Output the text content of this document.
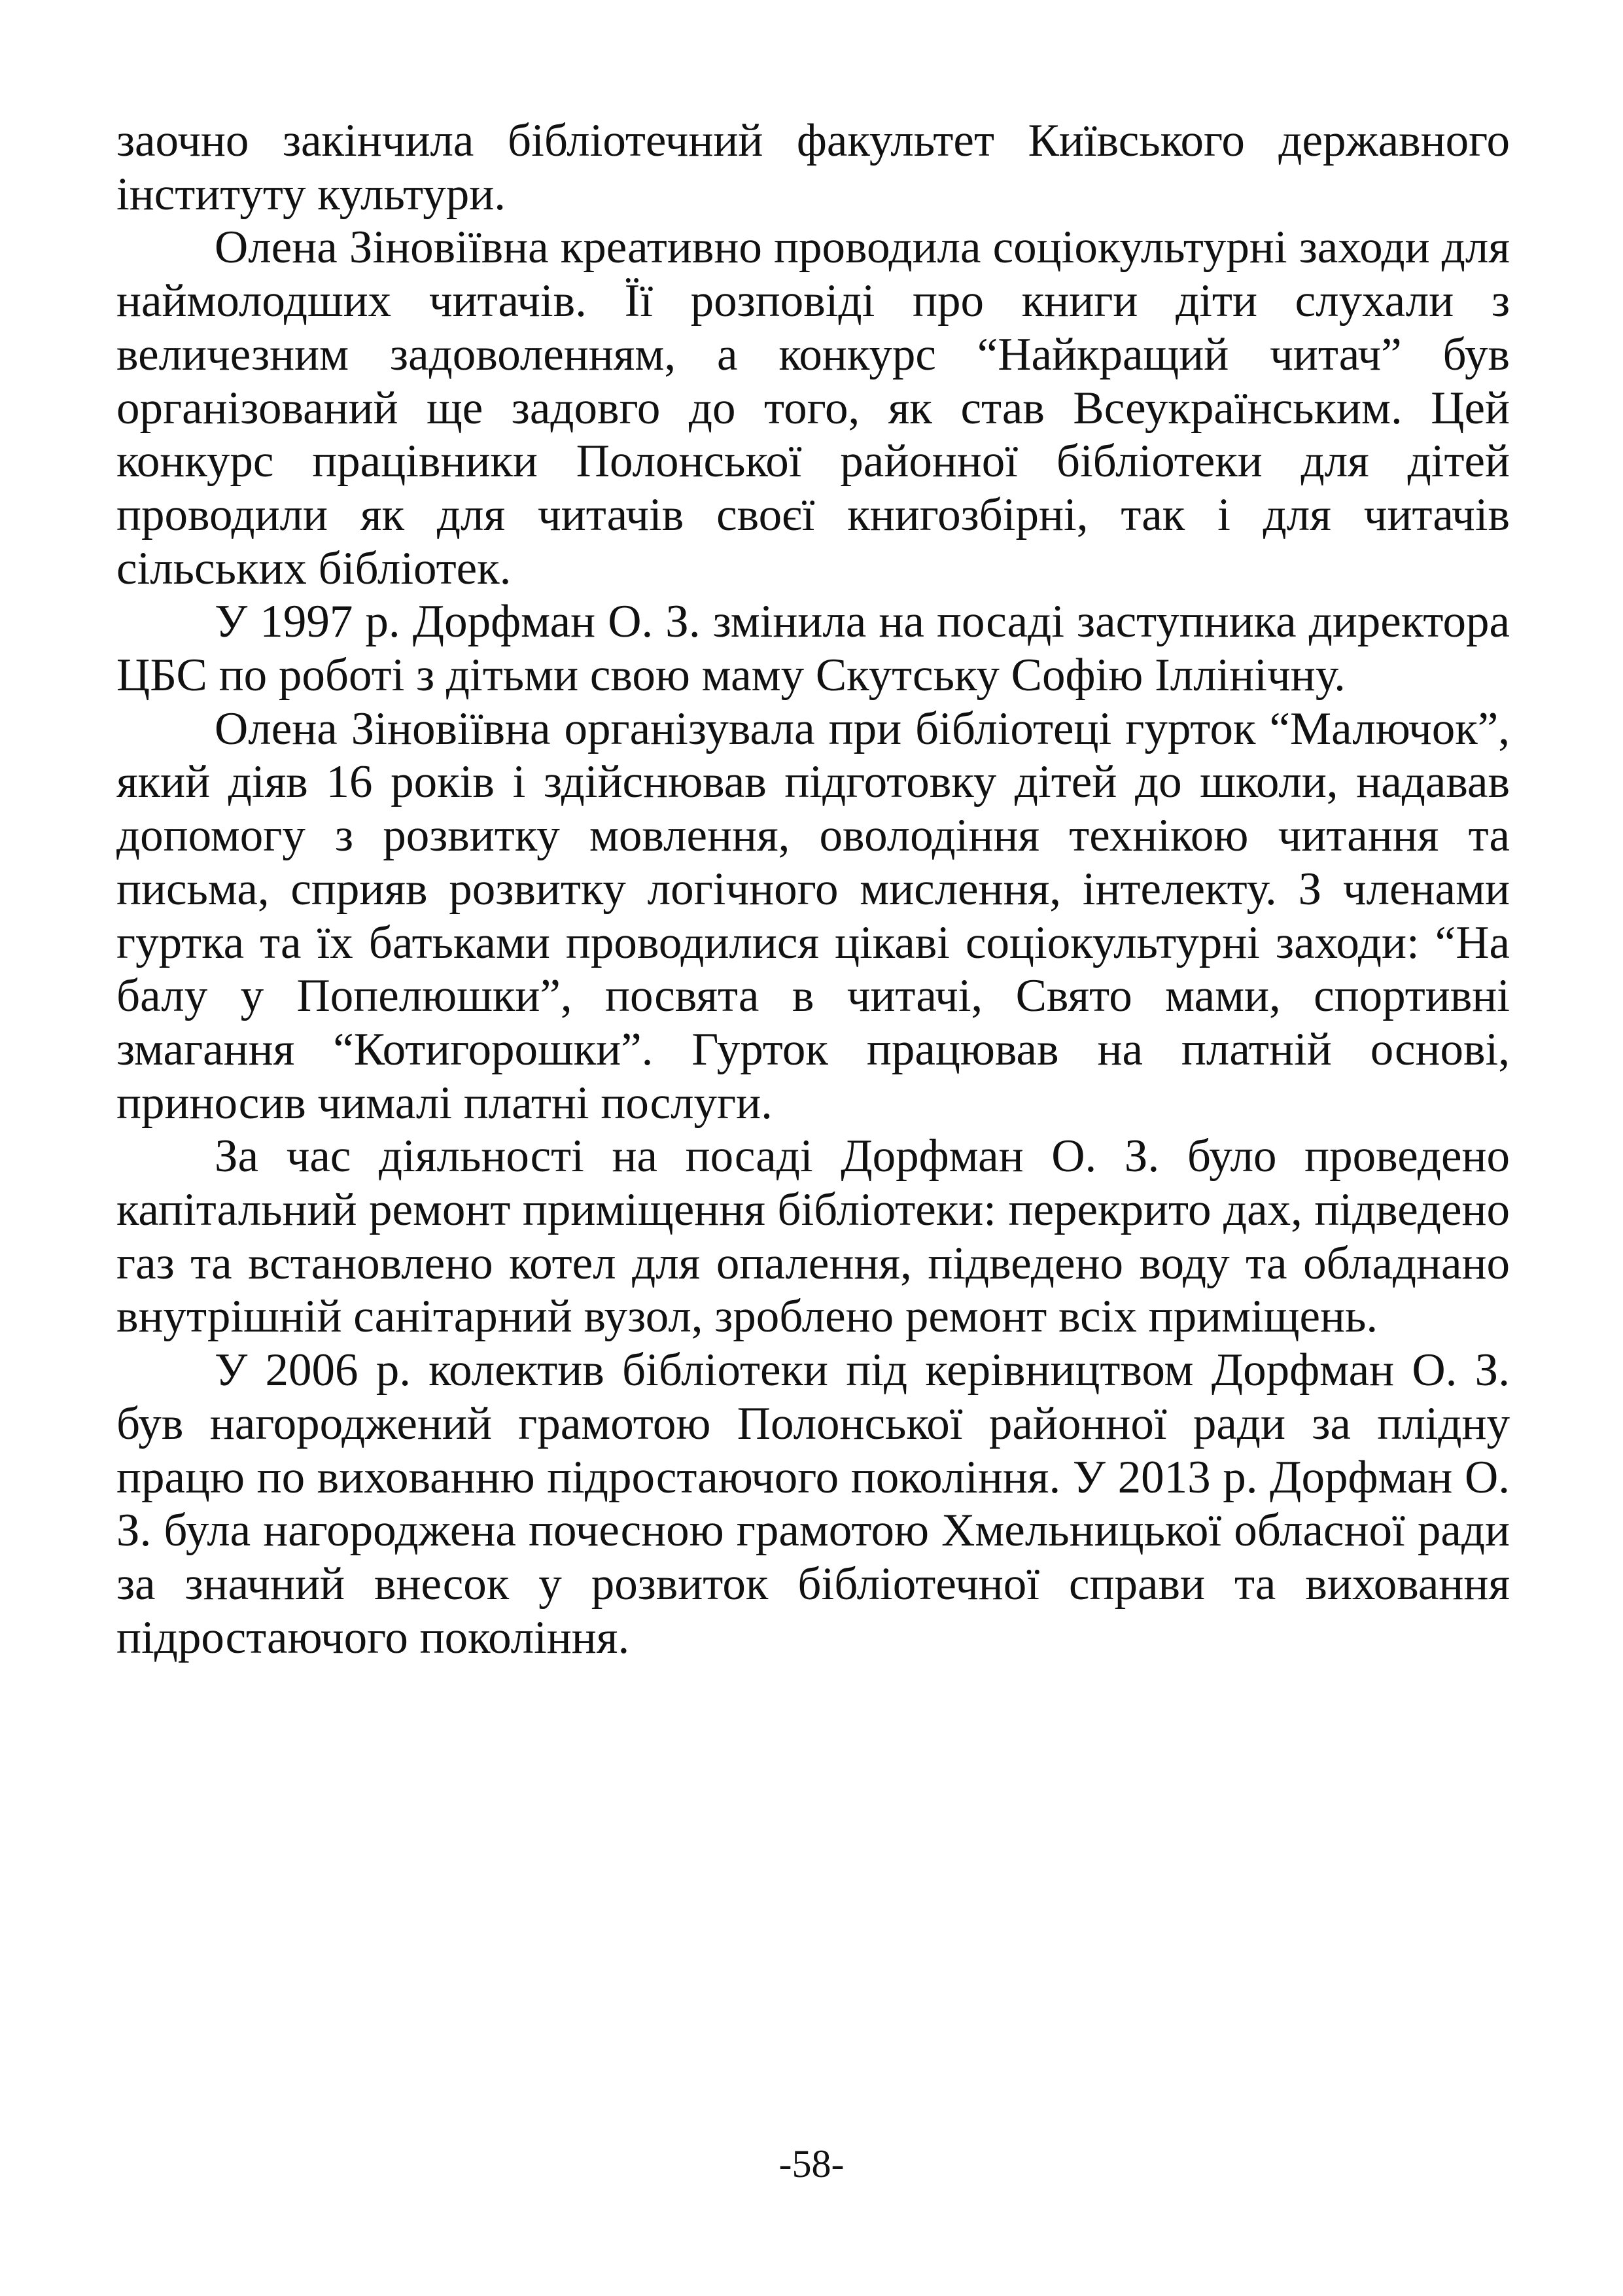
заочно закінчила бібліотечний факультет Київського державного інституту культури.

Олена Зіновіївна креативно проводила соціокультурні заходи для наймолодших читачів. Її розповіді про книги діти слухали з величезним задоволенням, а конкурс “Найкращий читач” був організований ще задовго до того, як став Всеукраїнським. Цей конкурс працівники Полонської районної бібліотеки для дітей проводили як для читачів своєї книгозбірні, так і для читачів сільських бібліотек.

У 1997 р. Дорфман О. З. змінила на посаді заступника директора ЦБС по роботі з дітьми свою маму Скутську Софію Іллінічну.

Олена Зіновіївна організувала при бібліотеці гурток “Малючок”, який діяв 16 років і здійснював підготовку дітей до школи, надавав допомогу з розвитку мовлення, оволодіння технікою читання та письма, сприяв розвитку логічного мислення, інтелекту. З членами гуртка та їх батьками проводилися цікаві соціокультурні заходи: “На балу у Попелюшки”, посвята в читачі, Свято мами, спортивні змагання “Котигорошки”. Гурток працював на платній основі, приносив чималі платні послуги.

За час діяльності на посаді Дорфман О. З. було проведено капітальний ремонт приміщення бібліотеки: перекрито дах, підведено газ та встановлено котел для опалення, підведено воду та обладнано внутрішній санітарний вузол, зроблено ремонт всіх приміщень.

У 2006 р. колектив бібліотеки під керівництвом Дорфман О. З. був нагороджений грамотою Полонської районної ради за плідну працю по вихованню підростаючого покоління. У 2013 р. Дорфман О. З. була нагороджена почесною грамотою Хмельницької обласної ради за значний внесок у розвиток бібліотечної справи та виховання підростаючого покоління.

-58-
